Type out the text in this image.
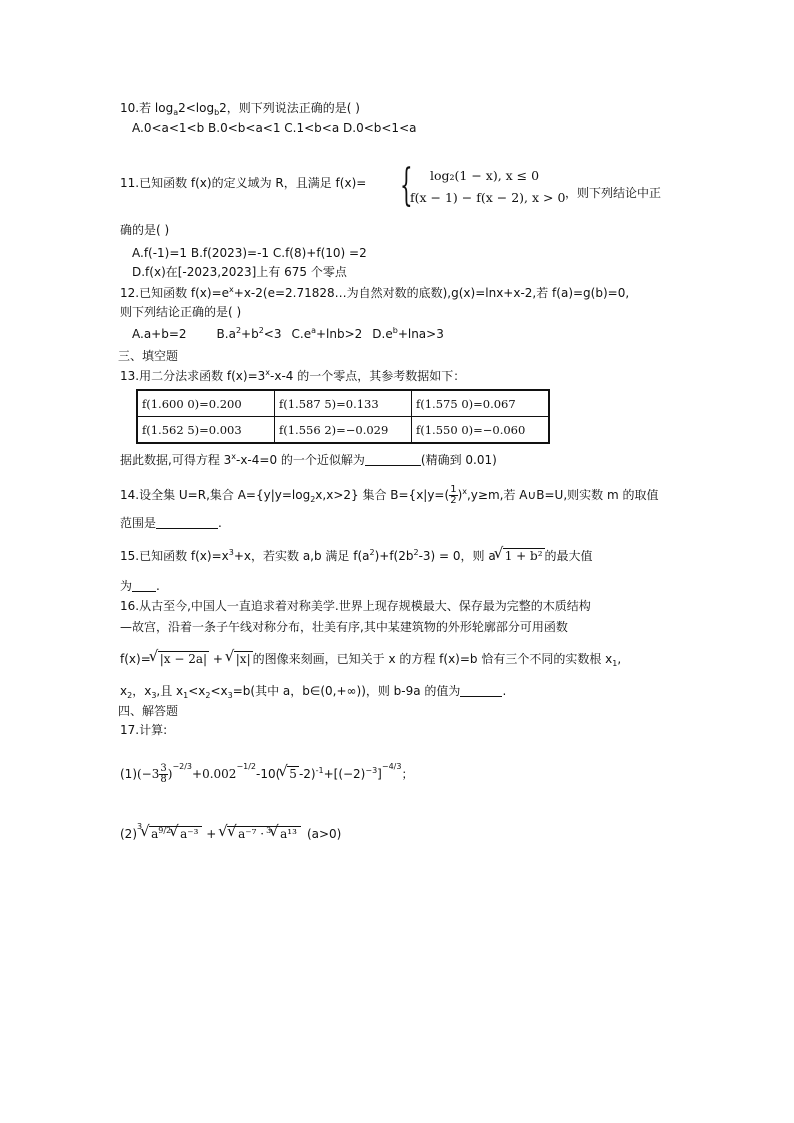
10.若 $\log_a2<\log_b2$，则下列说法正确的是( )
A.0<a<1<b B.0<b<a<1 C.1<b<a D.0<b<1<a
11.已知函数 f(x)的定义域为 R，且满足 f(x)= { log₂(1 − x), x ≤ 0
f(x − 1) − f(x − 2), x > 0 ，则下列结论中正
确的是( )
A.f(-1)=1 B.f(2023)=-1 C.f(8)+f(10) =2
D.f(x)在[-2023,2023]上有 675 个零点
12.已知函数 $f(x)=e^x+x-2(e=2.71828\dots$为自然对数的底数),g(x)=lnx+x-2,若 f(a)=g(b)=0,
则下列结论正确的是( )
A.a+b=2	$B.a^2+b^2<3$ $C.e^a+\ln b>2$ $D.e^b+\ln a>3$
三、填空题
13.用二分法求函数 $f(x)=3^x-x-4$ 的一个零点，其参考数据如下：
f(1.600 0)=0.200	f(1.587 5)=0.133	f(1.575 0)=0.067
f(1.562 5)=0.003	f(1.556 2)=−0.029	f(1.550 0)=−0.060
据此数据,可得方程 $3^x-x-4=0$ 的一个近似解为	(精确到 0.01)
14.设全集 U=R,集合 $A=\{y|y=\log_2x,x>2\}$ 集合 $B=\{x|y=( \frac{1}{2} )^x,y\ge m$,若 A∪B=U,则实数 m 的取值
范围是	.
15.已知函数 $f(x)=x^3+x$，若实数 a,b 满足 $f(a^2)+f(2b^2-3) = 0$，则 a √ 1 + b² 的最大值
为 .
16.从古至今,中国人一直追求着对称美学.世界上现存规模最大、保存最为完整的木质结构
—故宫，沿着一条子午线对称分布，壮美有序,其中某建筑物的外形轮廓部分可用函数
f(x)= √ |x − 2a| + √ |x| 的图像来刻画，已知关于 x 的方程 f(x)=b 恰有三个不同的实数根 $x_1$,
$x_2$，$x_3$,且 $x_1<x_2<x_3=b$(其中 a，b∈(0,+∞))，则 b-9a 的值为	.
四、解答题
17.计算:
$(1)(-3 \frac{3}{8} )^{-2/3}+0.002^{-1/2}-10$( √ 5 $-2)^{-1}+[(-2)^{-3}]^{-4/3}$；
$(2)^3√$ $a^{9/2}$ √ a⁻³ + √ √ a⁻⁷ ·$^3$ √ a¹³ (a>0)
